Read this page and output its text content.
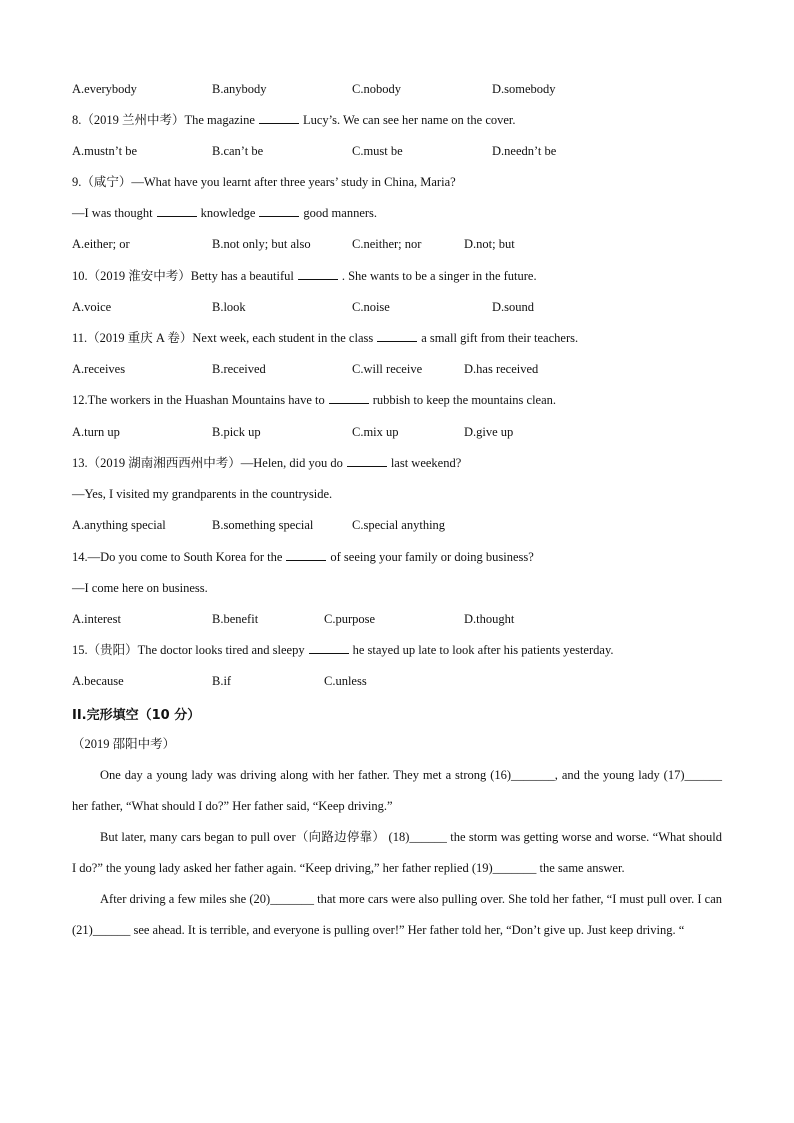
A.everybody	B.anybody	C.nobody	D.somebody
8.（2019 兰州中考）The magazine	Lucy’s. We can see her name on the cover.
A.mustn’t be	B.can’t be	C.must be	D.needn’t be
9.（咸宁）—What have you learnt after three years’ study in China, Maria?
—I was thought	knowledge	good manners.
A.either; or	B.not only; but also	C.neither; nor	D.not; but
10.（2019 淮安中考）Betty has a beautiful	. She wants to be a singer in the future.
A.voice	B.look	C.noise	D.sound
11.（2019 重庆 A 卷）Next week, each student in the class	a small gift from their teachers.
A.receives	B.received	C.will receive	D.has received
12.The workers in the Huashan Mountains have to	rubbish to keep the mountains clean.
A.turn up	B.pick up	C.mix up	D.give up
13.（2019 湖南湘西西州中考）—Helen, did you do	last weekend?
—Yes, I visited my grandparents in the countryside.
A.anything special	B.something special	C.special anything
14.—Do you come to South Korea for the	of seeing your family or doing business?
—I come here on business.
A.interest	B.benefit	C.purpose	D.thought
15.（贵阳）The doctor looks tired and sleepy	he stayed up late to look after his patients yesterday.
A.because	B.if	C.unless
II.完形填空（10 分）
（2019 邵阳中考）

One day a young lady was driving along with her father. They met a strong (16)_______, and the young lady (17)______ her father, “What should I do?” Her father said, “Keep driving.”

But later, many cars began to pull over（向路边停靠） (18)______ the storm was getting worse and worse. “What should I do?” the young lady asked her father again. “Keep driving,” her father replied (19)_______ the same answer.

After driving a few miles she (20)_______ that more cars were also pulling over. She told her father, “I must pull over. I can (21)______ see ahead. It is terrible, and everyone is pulling over!” Her father told her, “Don’t give up. Just keep driving. “
